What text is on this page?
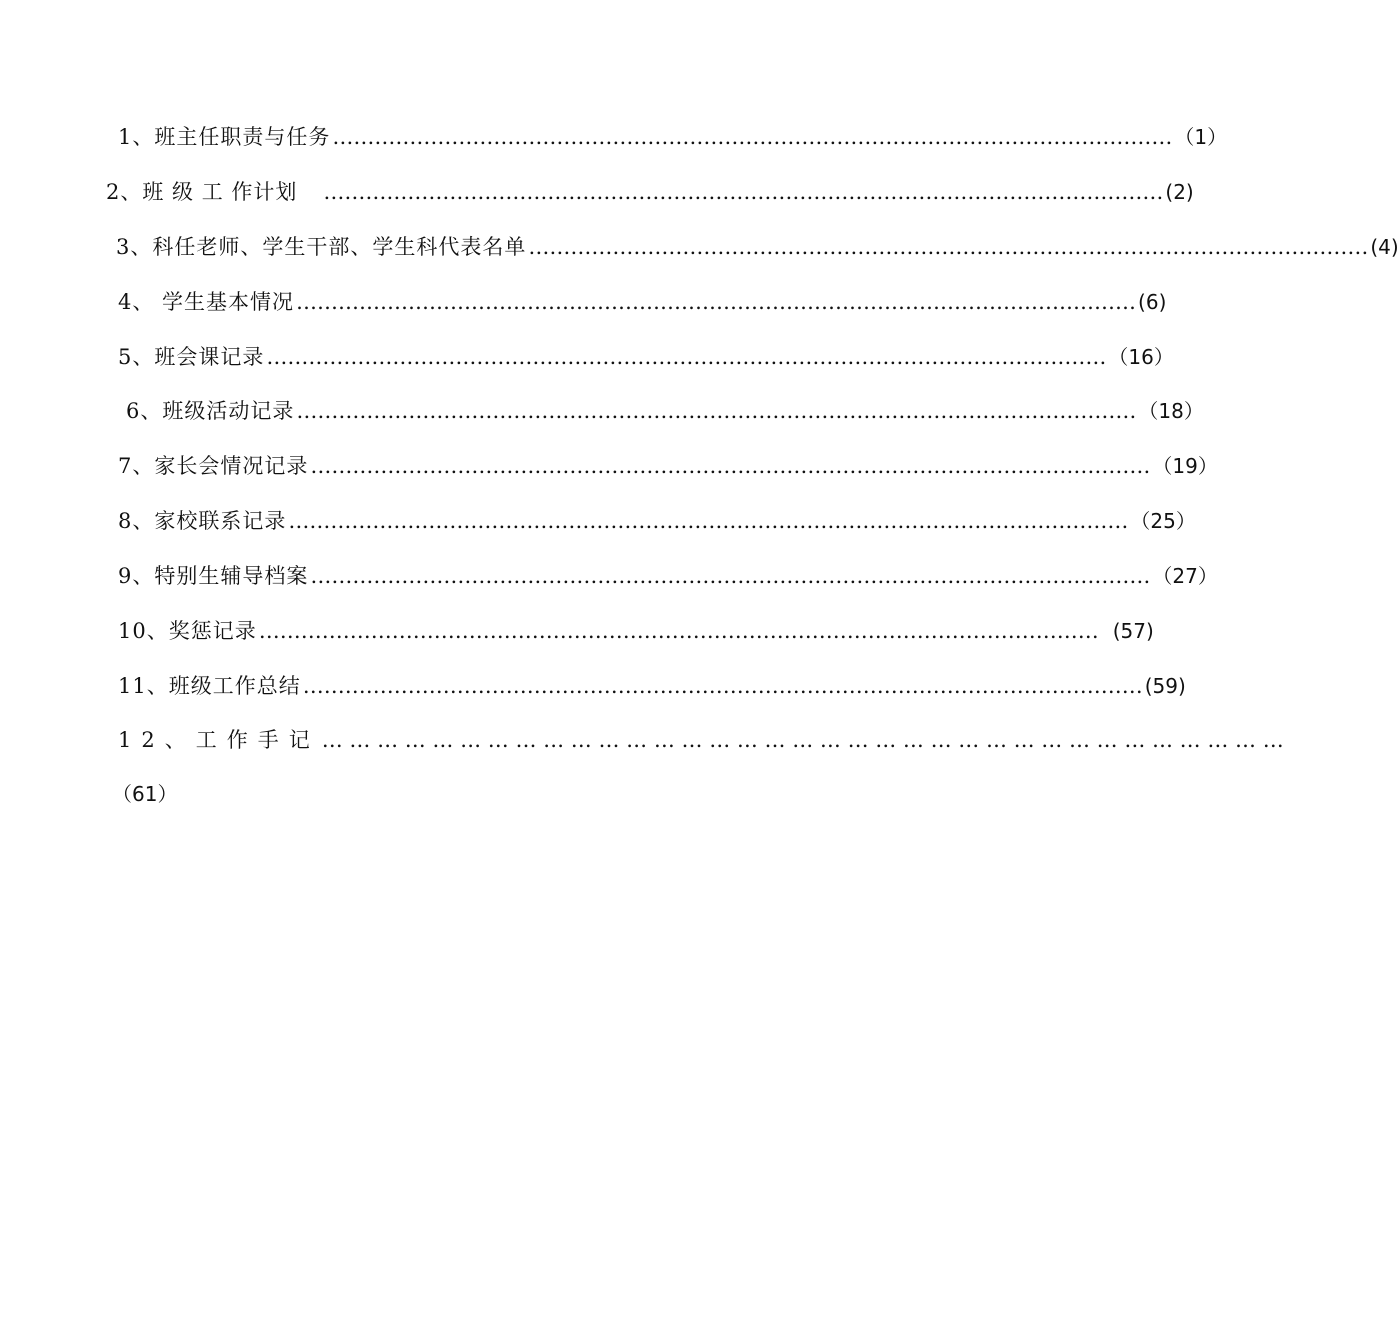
1、班主任职责与任务 ………………………………………………………………………………………………………… （1）
2、班 级 工 作计划 ………………………………………………………………………………………………………… (2)
3、科任老师、学生干部、学生科代表名单 ………………………………………………………………………………………………………… (4)
4、 学生基本情况 ………………………………………………………………………………………………………… (6)
5、班会课记录 ………………………………………………………………………………………………………… （16）
6、班级活动记录 ………………………………………………………………………………………………………… （18）
7、家长会情况记录 ………………………………………………………………………………………………………… （19）
8、家校联系记录 ………………………………………………………………………………………………………… （25）
9、特别生辅导档案 ………………………………………………………………………………………………………… （27）
10、奖惩记录 ………………………………………………………………………………………………………… (57)
11、班级工作总结 ………………………………………………………………………………………………………… (59)
12、工作手记 … … … … … … … … … … … … … … … … … … … … … … … … … … … … … … … … … … …
（61）
